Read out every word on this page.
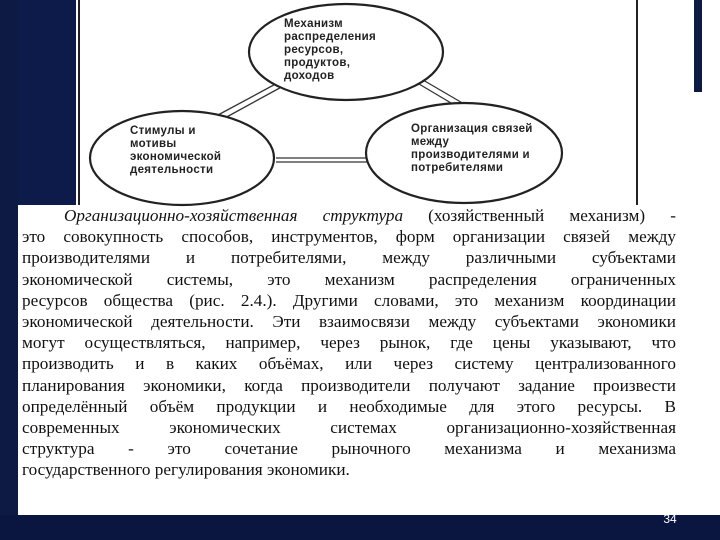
Механизм
распределения
ресурсов,
продуктов,
доходов
Стимулы и
мотивы
экономической
деятельности
Организация связей
между
производителями и
потребителями
Организационно-хозяйственная структура (хозяйственный механизм) -
это совокупность способов, инструментов, форм организации связей между
производителями и потребителями, между различными субъектами
экономической системы, это механизм распределения ограниченных
ресурсов общества (рис. 2.4.). Другими словами, это механизм координации
экономической деятельности. Эти взаимосвязи между субъектами экономики
могут осуществляться, например, через рынок, где цены указывают, что
производить и в каких объёмах, или через систему централизованного
планирования экономики, когда производители получают задание произвести
определённый объём продукции и необходимые для этого ресурсы. В
современных экономических системах организационно-хозяйственная
структура - это сочетание рыночного механизма и механизма
государственного регулирования экономики.
34
